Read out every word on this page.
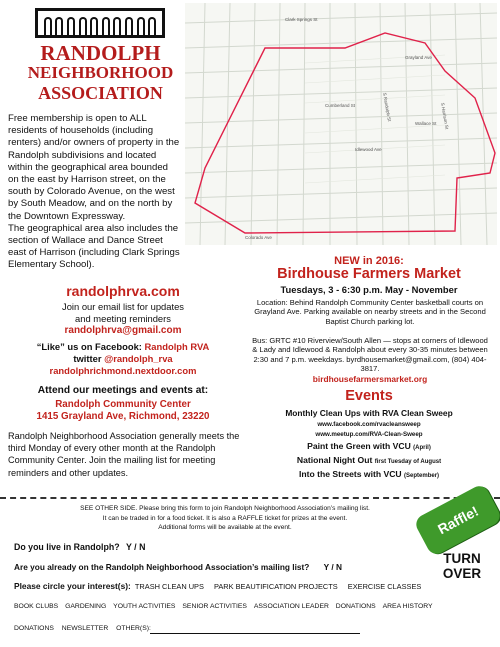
RANDOLPH
NEIGHBORHOOD
ASSOCIATION
Free membership is open to ALL residents of households (including renters) and/or owners of property in the Randolph subdivisions and located within the geographical area bounded on the east by Harrison street, on the south by Colorado Avenue, on the west by South Meadow, and on the north by the Downtown Expressway.
The geographical area also includes the section of Wallace and Dance Street east of Harrison (including Clark Springs Elementary School).
S Randolph St
Idlewood Ave
Grayland Ave
Wallace St
Colorado Ave
Cumberland St
Clark Springs St
S Harrison St
randolphrva.com
Join our email list for updates
and meeting reminders
randolphrva@gmail.com
“Like” us on Facebook: Randolph RVA
twitter @randolph_rva
randolphrichmond.nextdoor.com
Attend our meetings and events at:
Randolph Community Center
1415 Grayland Ave, Richmond, 23220
Randolph Neighborhood Association generally meets the third Monday of every other month at the Randolph Community Center. Join the mailing list for meeting reminders and other updates.
NEW in 2016:
Birdhouse Farmers Market
Tuesdays, 3 - 6:30 p.m. May - November
Location: Behind Randolph Community Center basketball courts on Grayland Ave. Parking available on nearby streets and in the Second Baptist Church parking lot.
Bus: GRTC #10 Riverview/South Allen — stops at corners of Idlewood & Lady and Idlewood & Randolph about every 30-35 minutes between 2:30 and 7 p.m. weekdays. byrdhousemarket@gmail.com, (804) 404-3817.
birdhousefarmersmarket.org
Events
Monthly Clean Ups with RVA Clean Sweep
www.facebook.com/rvacleansweep
www.meetup.com/RVA-Clean-Sweep
Paint the Green with VCU (April)
National Night Out first Tuesday of August
Into the Streets with VCU (September)
SEE OTHER SIDE. Please bring this form to join Randolph Neighborhood Association’s mailing list.
It can be traded in for a food ticket. It is also a RAFFLE ticket for prizes at the event.
Additional forms will be available at the event.	Raffle!
TURN
OVER
Do you live in Randolph? Y / N
Are you already on the Randolph Neighborhood Association’s mailing list? Y / N
Please circle your interest(s): TRASH CLEAN UPS PARK BEAUTIFICATION PROJECTS EXERCISE CLASSES
BOOK CLUBS GARDENING YOUTH ACTIVITIES SENIOR ACTIVITIES ASSOCIATION LEADER DONATIONS AREA HISTORY
DONATIONS NEWSLETTER OTHER(S):
